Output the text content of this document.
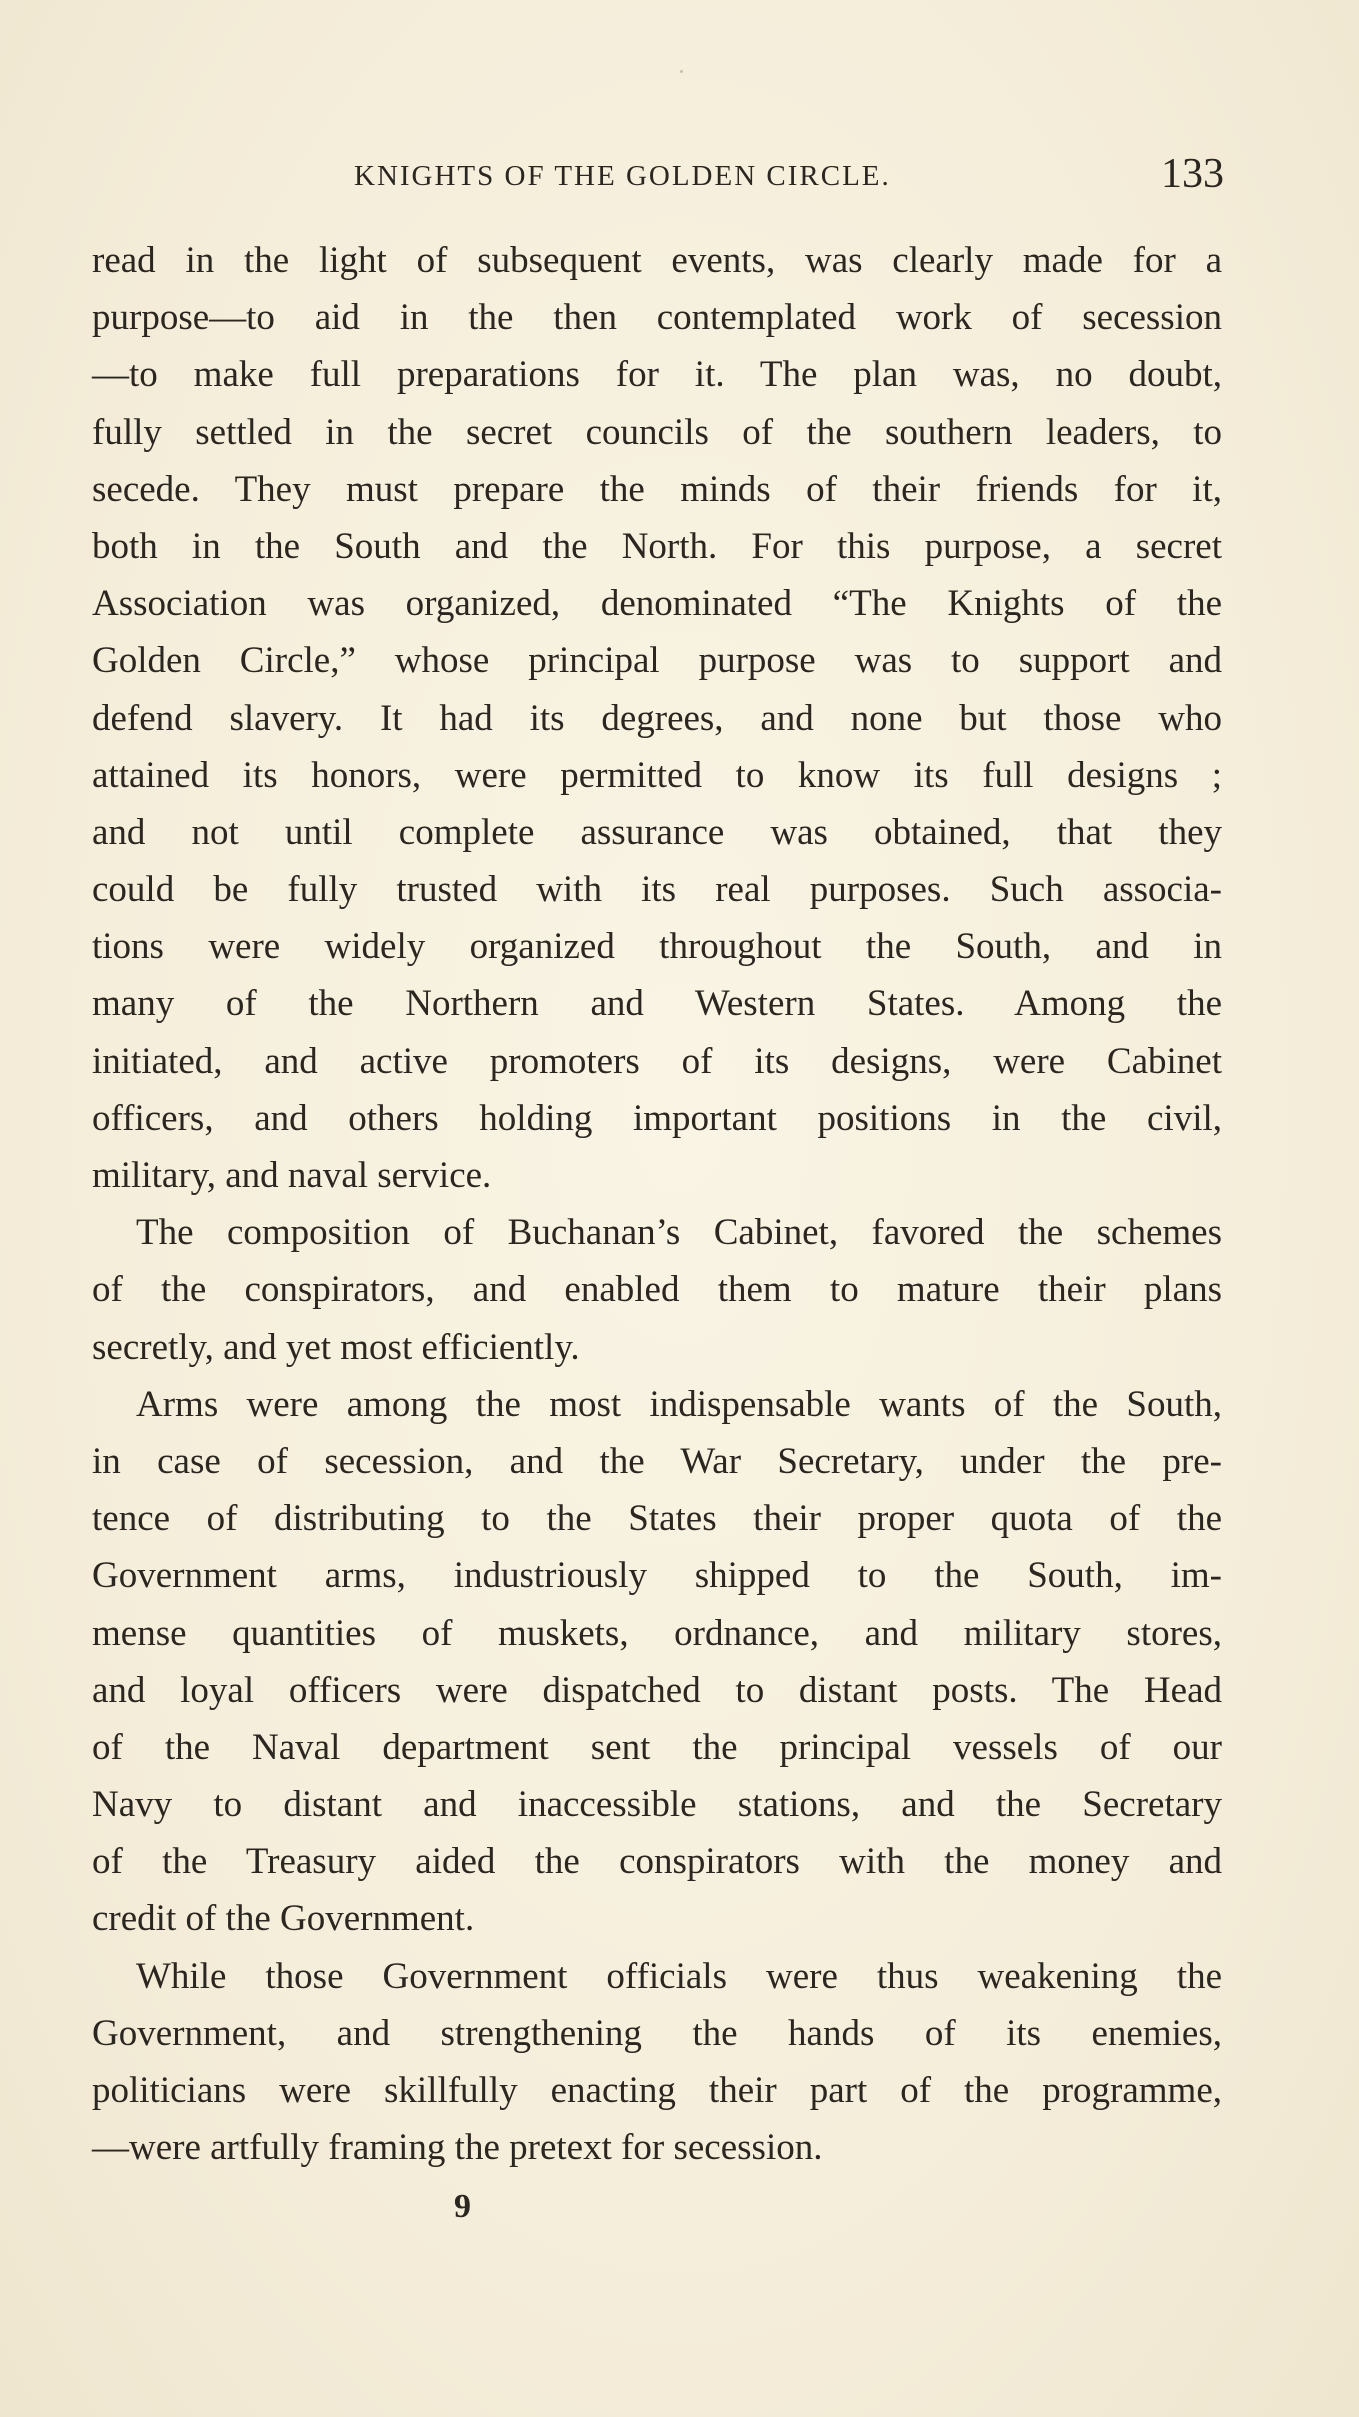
KNIGHTS OF THE GOLDEN CIRCLE.	133
read in the light of subsequent events, was clearly made for a
purpose—to aid in the then contemplated work of secession
—to make full preparations for it. The plan was, no doubt,
fully settled in the secret councils of the southern leaders, to
secede. They must prepare the minds of their friends for it,
both in the South and the North. For this purpose, a secret
Association was organized, denominated “The Knights of the
Golden Circle,” whose principal purpose was to support and
defend slavery. It had its degrees, and none but those who
attained its honors, were permitted to know its full designs ;
and not until complete assurance was obtained, that they
could be fully trusted with its real purposes. Such associa-
tions were widely organized throughout the South, and in
many of the Northern and Western States. Among the
initiated, and active promoters of its designs, were Cabinet
officers, and others holding important positions in the civil,
military, and naval service.
The composition of Buchanan’s Cabinet, favored the schemes
of the conspirators, and enabled them to mature their plans
secretly, and yet most efficiently.
Arms were among the most indispensable wants of the South,
in case of secession, and the War Secretary, under the pre-
tence of distributing to the States their proper quota of the
Government arms, industriously shipped to the South, im-
mense quantities of muskets, ordnance, and military stores,
and loyal officers were dispatched to distant posts. The Head
of the Naval department sent the principal vessels of our
Navy to distant and inaccessible stations, and the Secretary
of the Treasury aided the conspirators with the money and
credit of the Government.
While those Government officials were thus weakening the
Government, and strengthening the hands of its enemies,
politicians were skillfully enacting their part of the programme,
—were artfully framing the pretext for secession.
9
